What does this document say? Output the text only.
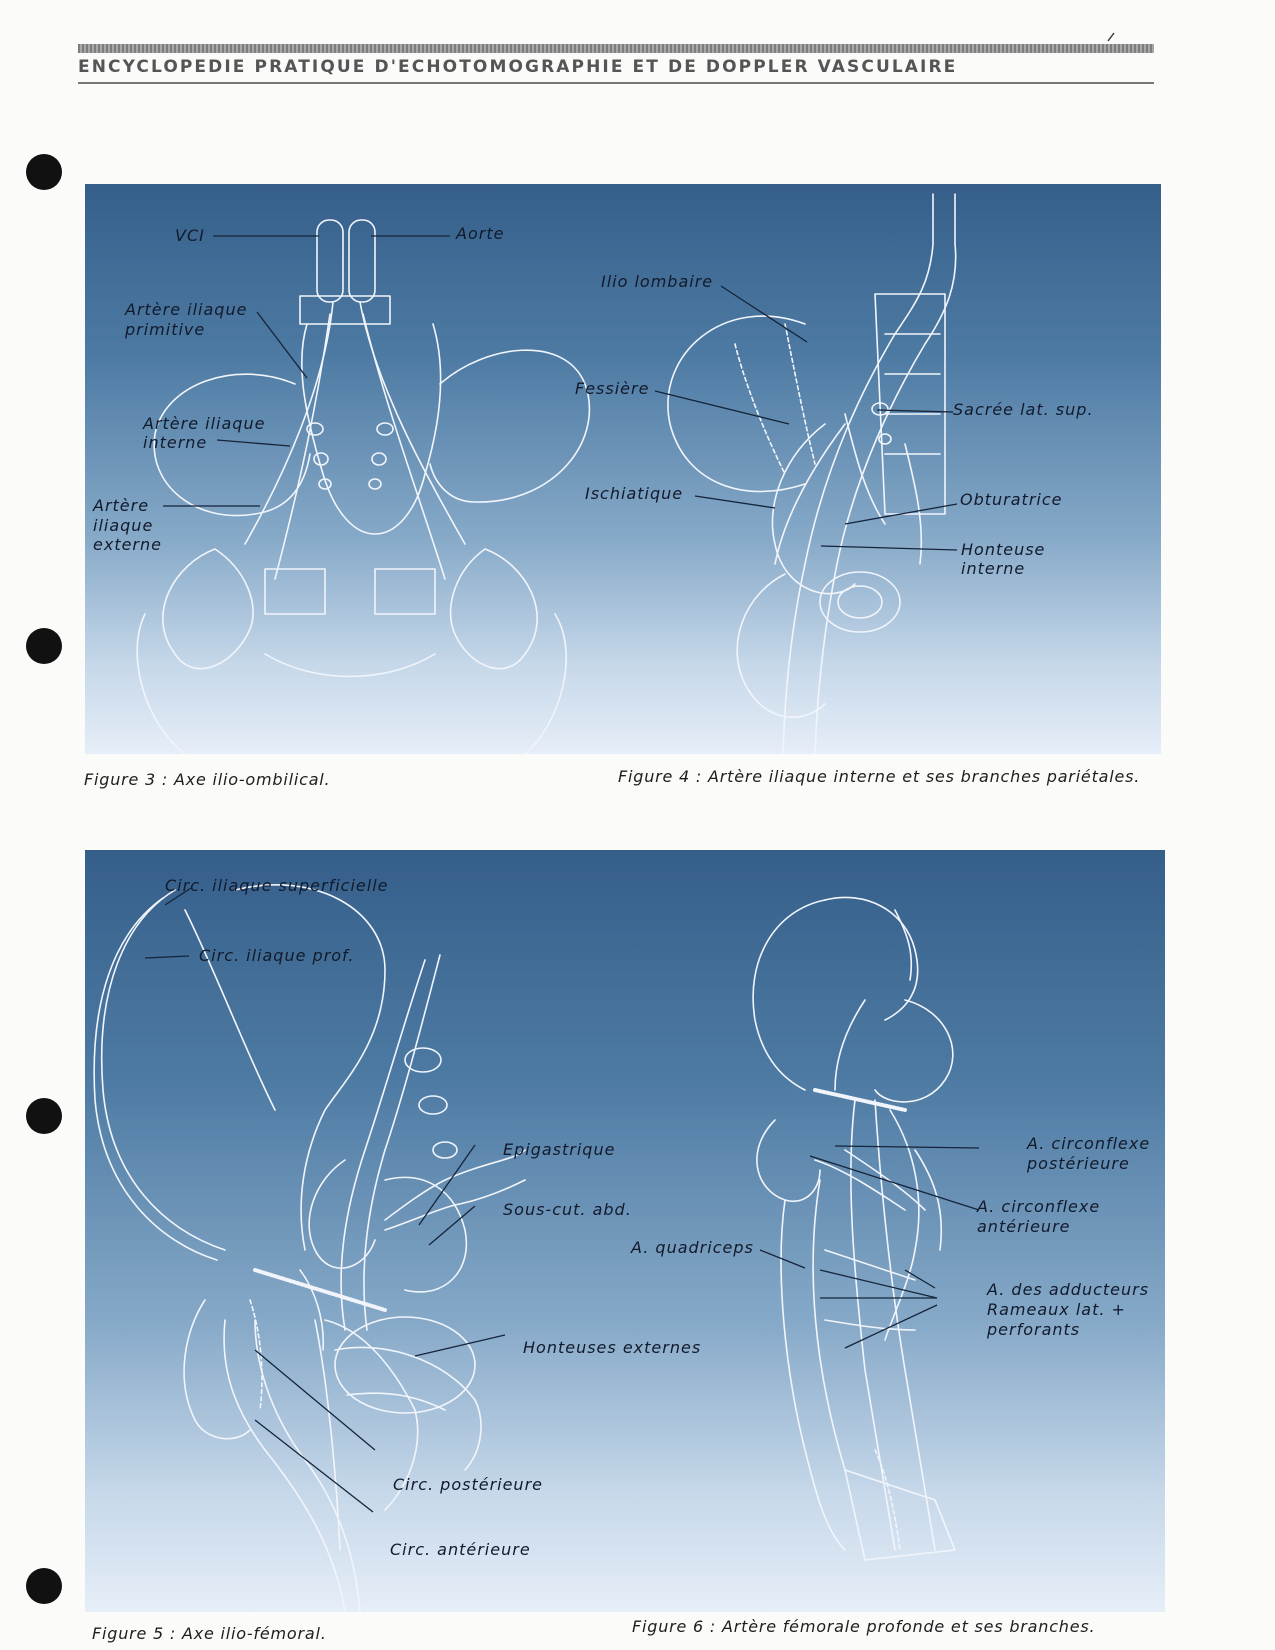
ENCYCLOPEDIE PRATIQUE D'ECHOTOMOGRAPHIE ET DE DOPPLER VASCULAIRE
VCI	Aorte
Artère iliaque
primitive
Artère iliaque
interne
Artère
iliaque
externe
Ilio lombaire
Fessière
Sacrée lat. sup.
Ischiatique	Obturatrice
Honteuse
interne
Figure 3 : Axe ilio-ombilical.	Figure 4 : Artère iliaque interne et ses branches pariétales.
Circ. iliaque superficielle
Circ. iliaque prof.
Epigastrique
Sous-cut. abd.
Honteuses externes
Circ. postérieure
Circ. antérieure
A. circonflexe
postérieure
A. circonflexe
antérieure
A. quadriceps
A. des adducteurs
Rameaux lat. +
perforants
Figure 5 : Axe ilio-fémoral.	Figure 6 : Artère fémorale profonde et ses branches.
